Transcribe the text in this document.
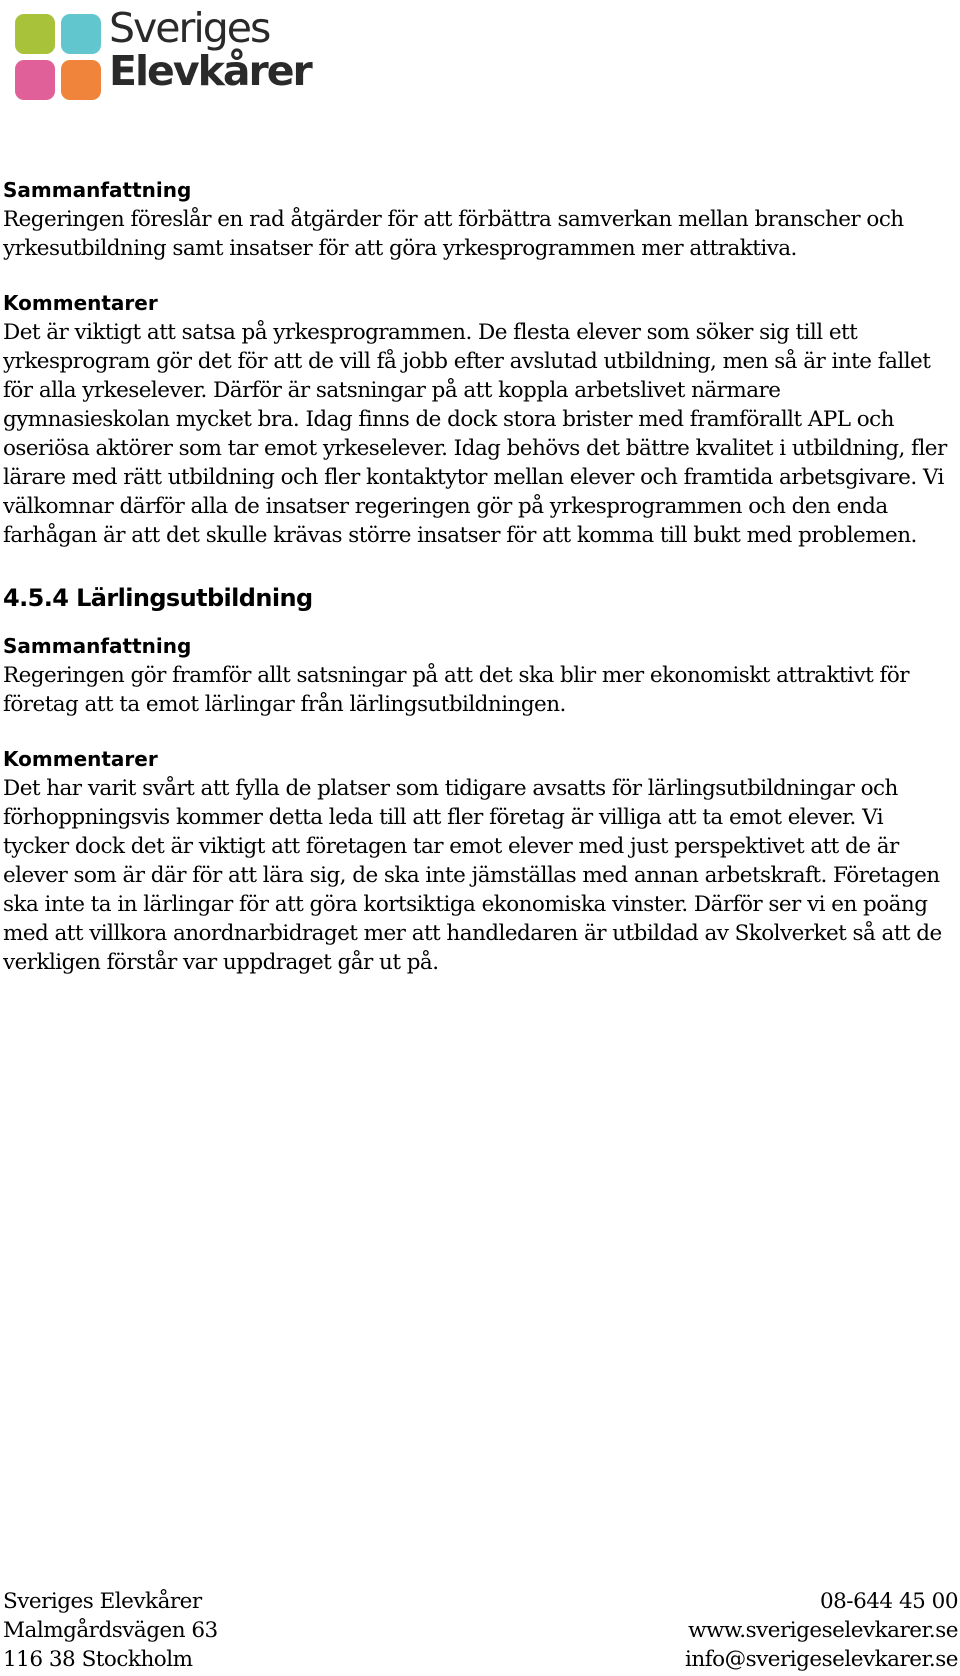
Sveriges
Elevkårer

Sammanfattning

Regeringen föreslår en rad åtgärder för att förbättra samverkan mellan branscher och yrkesutbildning samt insatser för att göra yrkesprogrammen mer attraktiva.

Kommentarer

Det är viktigt att satsa på yrkesprogrammen. De flesta elever som söker sig till ett yrkesprogram gör det för att de vill få jobb efter avslutad utbildning, men så är inte fallet för alla yrkeselever. Därför är satsningar på att koppla arbetslivet närmare gymnasieskolan mycket bra. Idag finns de dock stora brister med framförallt APL och oseriösa aktörer som tar emot yrkeselever. Idag behövs det bättre kvalitet i utbildning, fler lärare med rätt utbildning och fler kontaktytor mellan elever och framtida arbetsgivare. Vi välkomnar därför alla de insatser regeringen gör på yrkesprogrammen och den enda farhågan är att det skulle krävas större insatser för att komma till bukt med problemen.

4.5.4 Lärlingsutbildning

Sammanfattning

Regeringen gör framför allt satsningar på att det ska blir mer ekonomiskt attraktivt för företag att ta emot lärlingar från lärlingsutbildningen.

Kommentarer

Det har varit svårt att fylla de platser som tidigare avsatts för lärlingsutbildningar och förhoppningsvis kommer detta leda till att fler företag är villiga att ta emot elever. Vi tycker dock det är viktigt att företagen tar emot elever med just perspektivet att de är elever som är där för att lära sig, de ska inte jämställas med annan arbetskraft. Företagen ska inte ta in lärlingar för att göra kortsiktiga ekonomiska vinster. Därför ser vi en poäng med att villkora anordnarbidraget mer att handledaren är utbildad av Skolverket så att de verkligen förstår var uppdraget går ut på.

Sveriges Elevkårer
Malmgårdsvägen 63
116 38 Stockholm
08-644 45 00
www.sverigeselevkarer.se
info@sverigeselevkarer.se
